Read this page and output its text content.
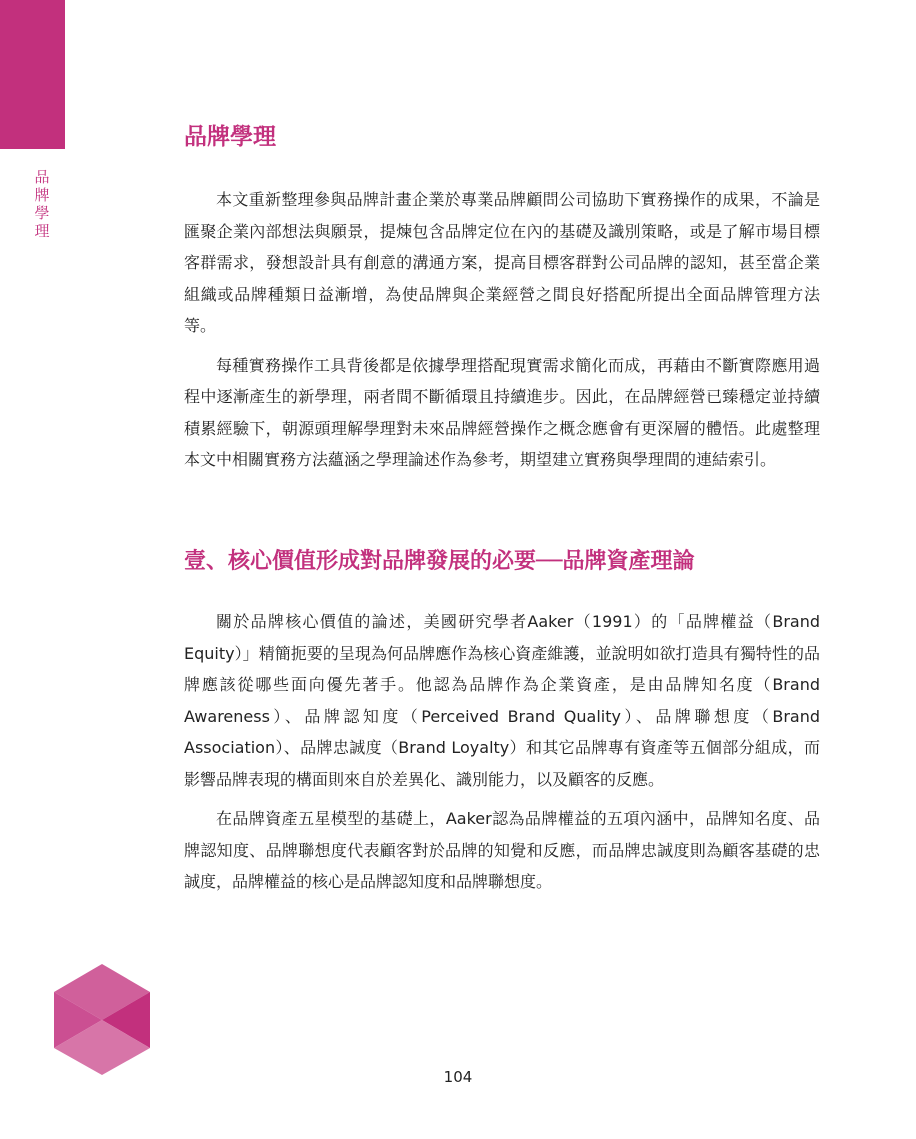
品牌學理
品牌學理

本文重新整理參與品牌計畫企業於專業品牌顧問公司協助下實務操作的成果，不論是匯聚企業內部想法與願景，提煉包含品牌定位在內的基礎及識別策略，或是了解市場目標客群需求，發想設計具有創意的溝通方案，提高目標客群對公司品牌的認知，甚至當企業組織或品牌種類日益漸增，為使品牌與企業經營之間良好搭配所提出全面品牌管理方法等。

每種實務操作工具背後都是依據學理搭配現實需求簡化而成，再藉由不斷實際應用過程中逐漸產生的新學理，兩者間不斷循環且持續進步。因此，在品牌經營已臻穩定並持續積累經驗下，朝源頭理解學理對未來品牌經營操作之概念應會有更深層的體悟。此處整理本文中相關實務方法蘊涵之學理論述作為參考，期望建立實務與學理間的連結索引。

壹、核心價值形成對品牌發展的必要──品牌資產理論

關於品牌核心價值的論述，美國研究學者Aaker（1991）的「品牌權益（Brand Equity）」精簡扼要的呈現為何品牌應作為核心資產維護，並說明如欲打造具有獨特性的品牌應該從哪些面向優先著手。他認為品牌作為企業資產，是由品牌知名度（Brand Awareness）、品牌認知度（Perceived Brand Quality）、品牌聯想度（Brand Association）、品牌忠誠度（Brand Loyalty）和其它品牌專有資產等五個部分組成，而影響品牌表現的構面則來自於差異化、識別能力，以及顧客的反應。

在品牌資產五星模型的基礎上，Aaker認為品牌權益的五項內涵中，品牌知名度、品牌認知度、品牌聯想度代表顧客對於品牌的知覺和反應，而品牌忠誠度則為顧客基礎的忠誠度，品牌權益的核心是品牌認知度和品牌聯想度。

104
